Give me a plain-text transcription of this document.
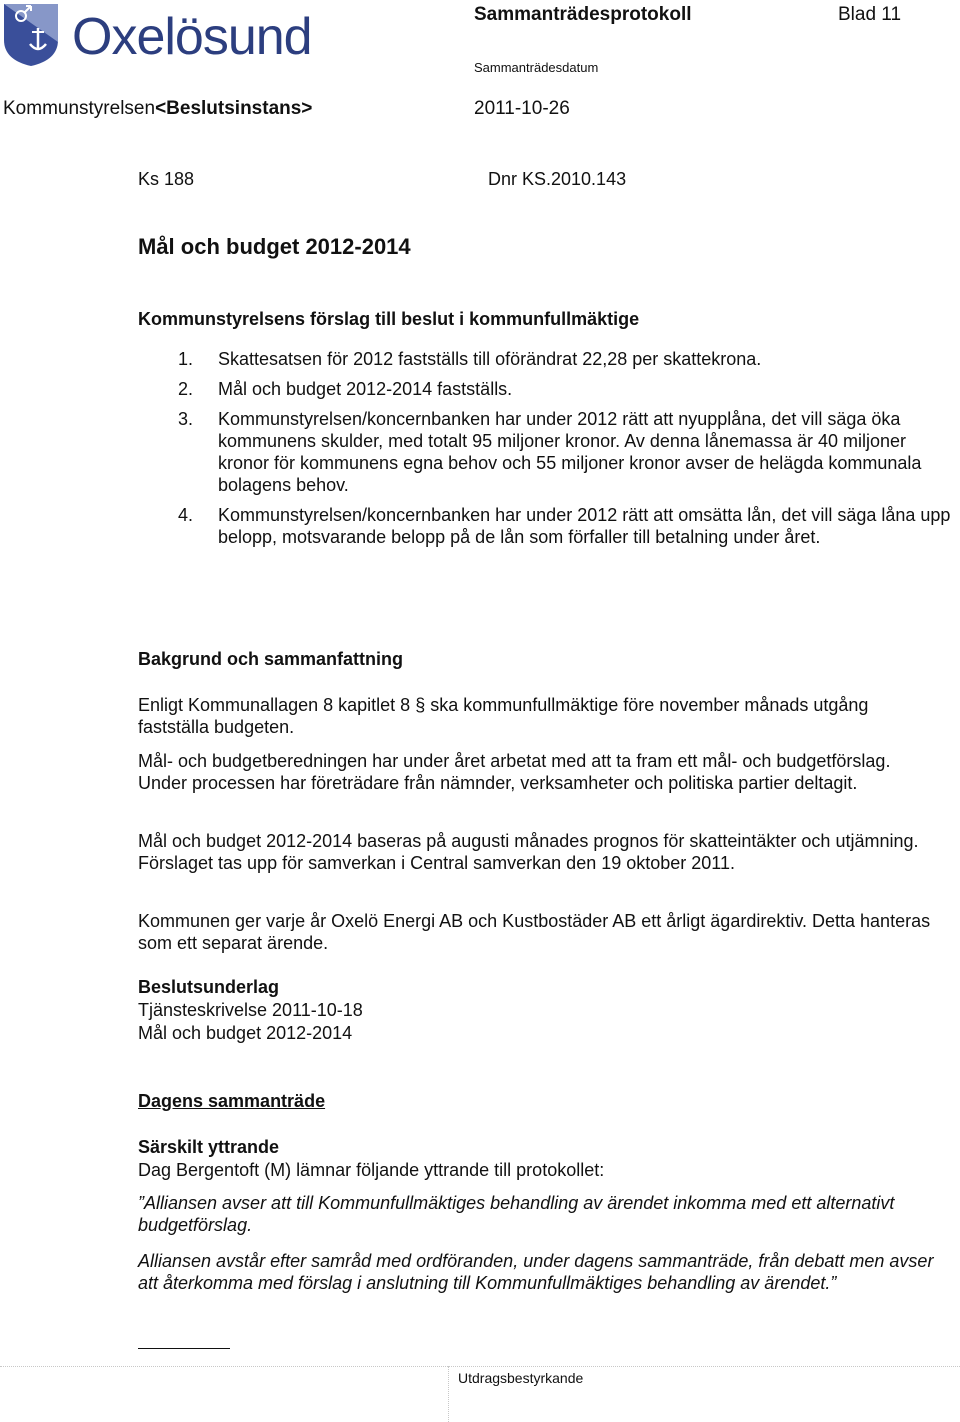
Oxelösund	Sammanträdesprotokoll	Blad 11
Sammanträdesdatum
Kommunstyrelsen<Beslutsinstans>	2011-10-26
Ks 188	Dnr KS.2010.143
Mål och budget 2012-2014
Kommunstyrelsens förslag till beslut i kommunfullmäktige
1. Skattesatsen för 2012 fastställs till oförändrat 22,28 per skattekrona.
2. Mål och budget 2012-2014 fastställs.
3. Kommunstyrelsen/koncernbanken har under 2012 rätt att nyupplåna, det vill säga öka kommunens skulder, med totalt 95 miljoner kronor. Av denna lånemassa är 40 miljoner kronor för kommunens egna behov och 55 miljoner kronor avser de helägda kommunala bolagens behov.
4. Kommunstyrelsen/koncernbanken har under 2012 rätt att omsätta lån, det vill säga låna upp belopp, motsvarande belopp på de lån som förfaller till betalning under året.
Bakgrund och sammanfattning
Enligt Kommunallagen 8 kapitlet 8 § ska kommunfullmäktige före november månads utgång fastställa budgeten.
Mål- och budgetberedningen har under året arbetat med att ta fram ett mål- och budgetförslag. Under processen har företrädare från nämnder, verksamheter och politiska partier deltagit.
Mål och budget 2012-2014 baseras på augusti månades prognos för skatteintäkter och utjämning. Förslaget tas upp för samverkan i Central samverkan den 19 oktober 2011.
Kommunen ger varje år Oxelö Energi AB och Kustbostäder AB ett årligt ägardirektiv. Detta hanteras som ett separat ärende.
Beslutsunderlag
Tjänsteskrivelse 2011-10-18
Mål och budget 2012-2014
Dagens sammanträde
Särskilt yttrande
Dag Bergentoft (M) lämnar följande yttrande till protokollet:
”Alliansen avser att till Kommunfullmäktiges behandling av ärendet inkomma med ett alternativt budgetförslag.
Alliansen avstår efter samråd med ordföranden, under dagens sammanträde, från debatt men avser att återkomma med förslag i anslutning till Kommunfullmäktiges behandling av ärendet.”
Utdragsbestyrkande
